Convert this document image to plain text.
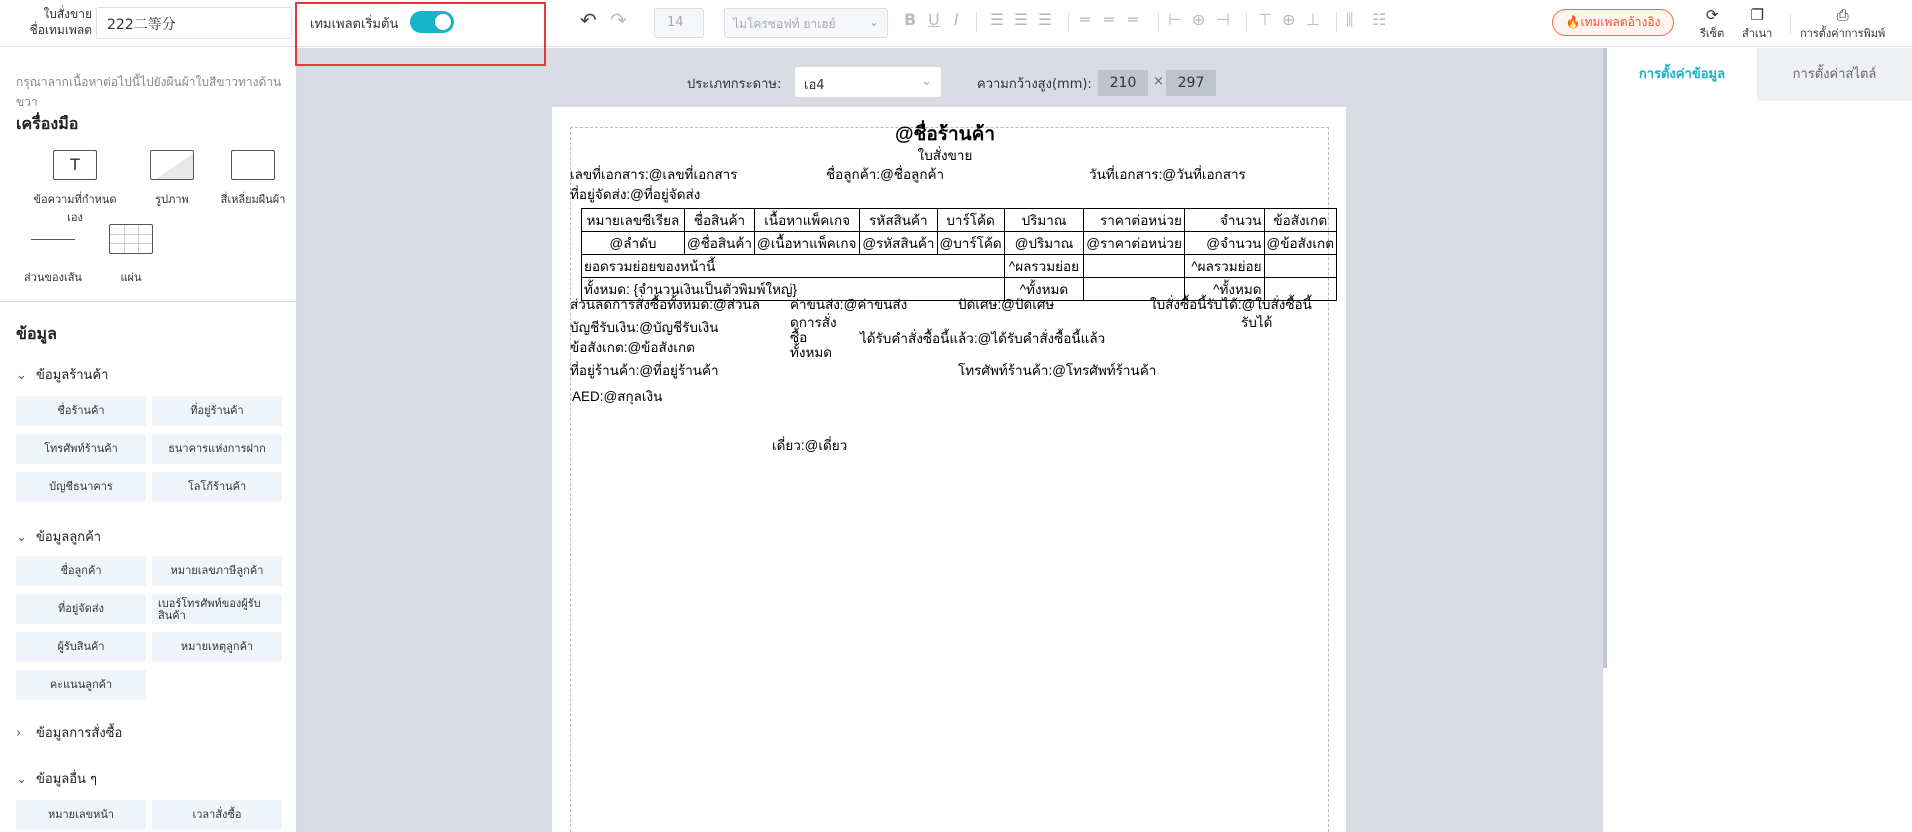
ใบสั่งขาย
ชื่อเทมเพลต	222二等分	เทมเพลตเริ่มต้น	↶ ↷	14	ไมโครซอฟท์ ยาเฮย์	⌄ B U I ☰ ☰ ☰ ═ ═ ═ ⊢ ⊕ ⊣ ⊤ ⊕ ⊥ ⫼ ☷	🔥เทมเพลตอ้างอิง	⟳
รีเซ็ต
❐
สำเนา
⎙
การตั้งค่าการพิมพ์
กรุณาลากเนื้อหาต่อไปนี้ไปยังผืนผ้าใบสีขาวทางด้านขวา
เครื่องมือ
T
ข้อความที่กำหนดเอง
รูปภาพ	สี่เหลี่ยมผืนผ้า
ส่วนของเส้น	แผ่น
ข้อมูล
⌄ ข้อมูลร้านค้า
ชื่อร้านค้า	ที่อยู่ร้านค้า
โทรศัพท์ร้านค้า	ธนาคารแห่งการฝาก
บัญชีธนาคาร	โลโก้ร้านค้า
⌄ ข้อมูลลูกค้า
ชื่อลูกค้า	หมายเลขภาษีลูกค้า
ที่อยู่จัดส่ง	เบอร์โทรศัพท์ของผู้รับสินค้า
ผู้รับสินค้า	หมายเหตุลูกค้า
คะแนนลูกค้า
› ข้อมูลการสั่งซื้อ
⌄ ข้อมูลอื่น ๆ
หมายเลขหน้า	เวลาสั่งซื้อ
ประเภทกระดาษ:	เอ4	⌄	ความกว้างสูง(mm):	210	× 297
@ชื่อร้านค้า
ใบสั่งขาย
เลขที่เอกสาร:@เลขที่เอกสาร	ชื่อลูกค้า:@ชื่อลูกค้า	วันที่เอกสาร:@วันที่เอกสาร
ที่อยู่จัดส่ง:@ที่อยู่จัดส่ง
หมายเลขซีเรียล	ชื่อสินค้า	เนื้อหาแพ็คเกจ	รหัสสินค้า	บาร์โค้ด	ปริมาณ	ราคาต่อหน่วย	จำนวน	ข้อสังเกต
@ลำดับ	@ชื่อสินค้า	@เนื้อหาแพ็คเกจ	@รหัสสินค้า	@บาร์โค้ด	@ปริมาณ	@ราคาต่อหน่วย	@จำนวน	@ข้อสังเกต
ยอดรวมย่อยของหน้านี้					^ผลรวมย่อย		^ผลรวมย่อย	
ทั้งหมด: {จำนวนเงินเป็นตัวพิมพ์ใหญ่}					^ทั้งหมด		^ทั้งหมด	
ส่วนลดการสั่งซื้อทั้งหมด:@ส่วนล
ดการสั่ง
ซื้อ
ทั้งหมด
ค่าขนส่ง:@ค่าขนส่ง	ปัดเศษ:@ปัดเศษ	ใบสั่งซื้อนี้รับได้:@ใบสั่งซื้อนี้
รับได้
บัญชีรับเงิน:@บัญชีรับเงิน
ได้รับคำสั่งซื้อนี้แล้ว:@ได้รับคำสั่งซื้อนี้แล้ว
ข้อสังเกต:@ข้อสังเกต
ที่อยู่ร้านค้า:@ที่อยู่ร้านค้า	โทรศัพท์ร้านค้า:@โทรศัพท์ร้านค้า
AED:@สกุลเงิน
เดี่ยว:@เดี่ยว
การตั้งค่าข้อมูล	การตั้งค่าสไตล์
